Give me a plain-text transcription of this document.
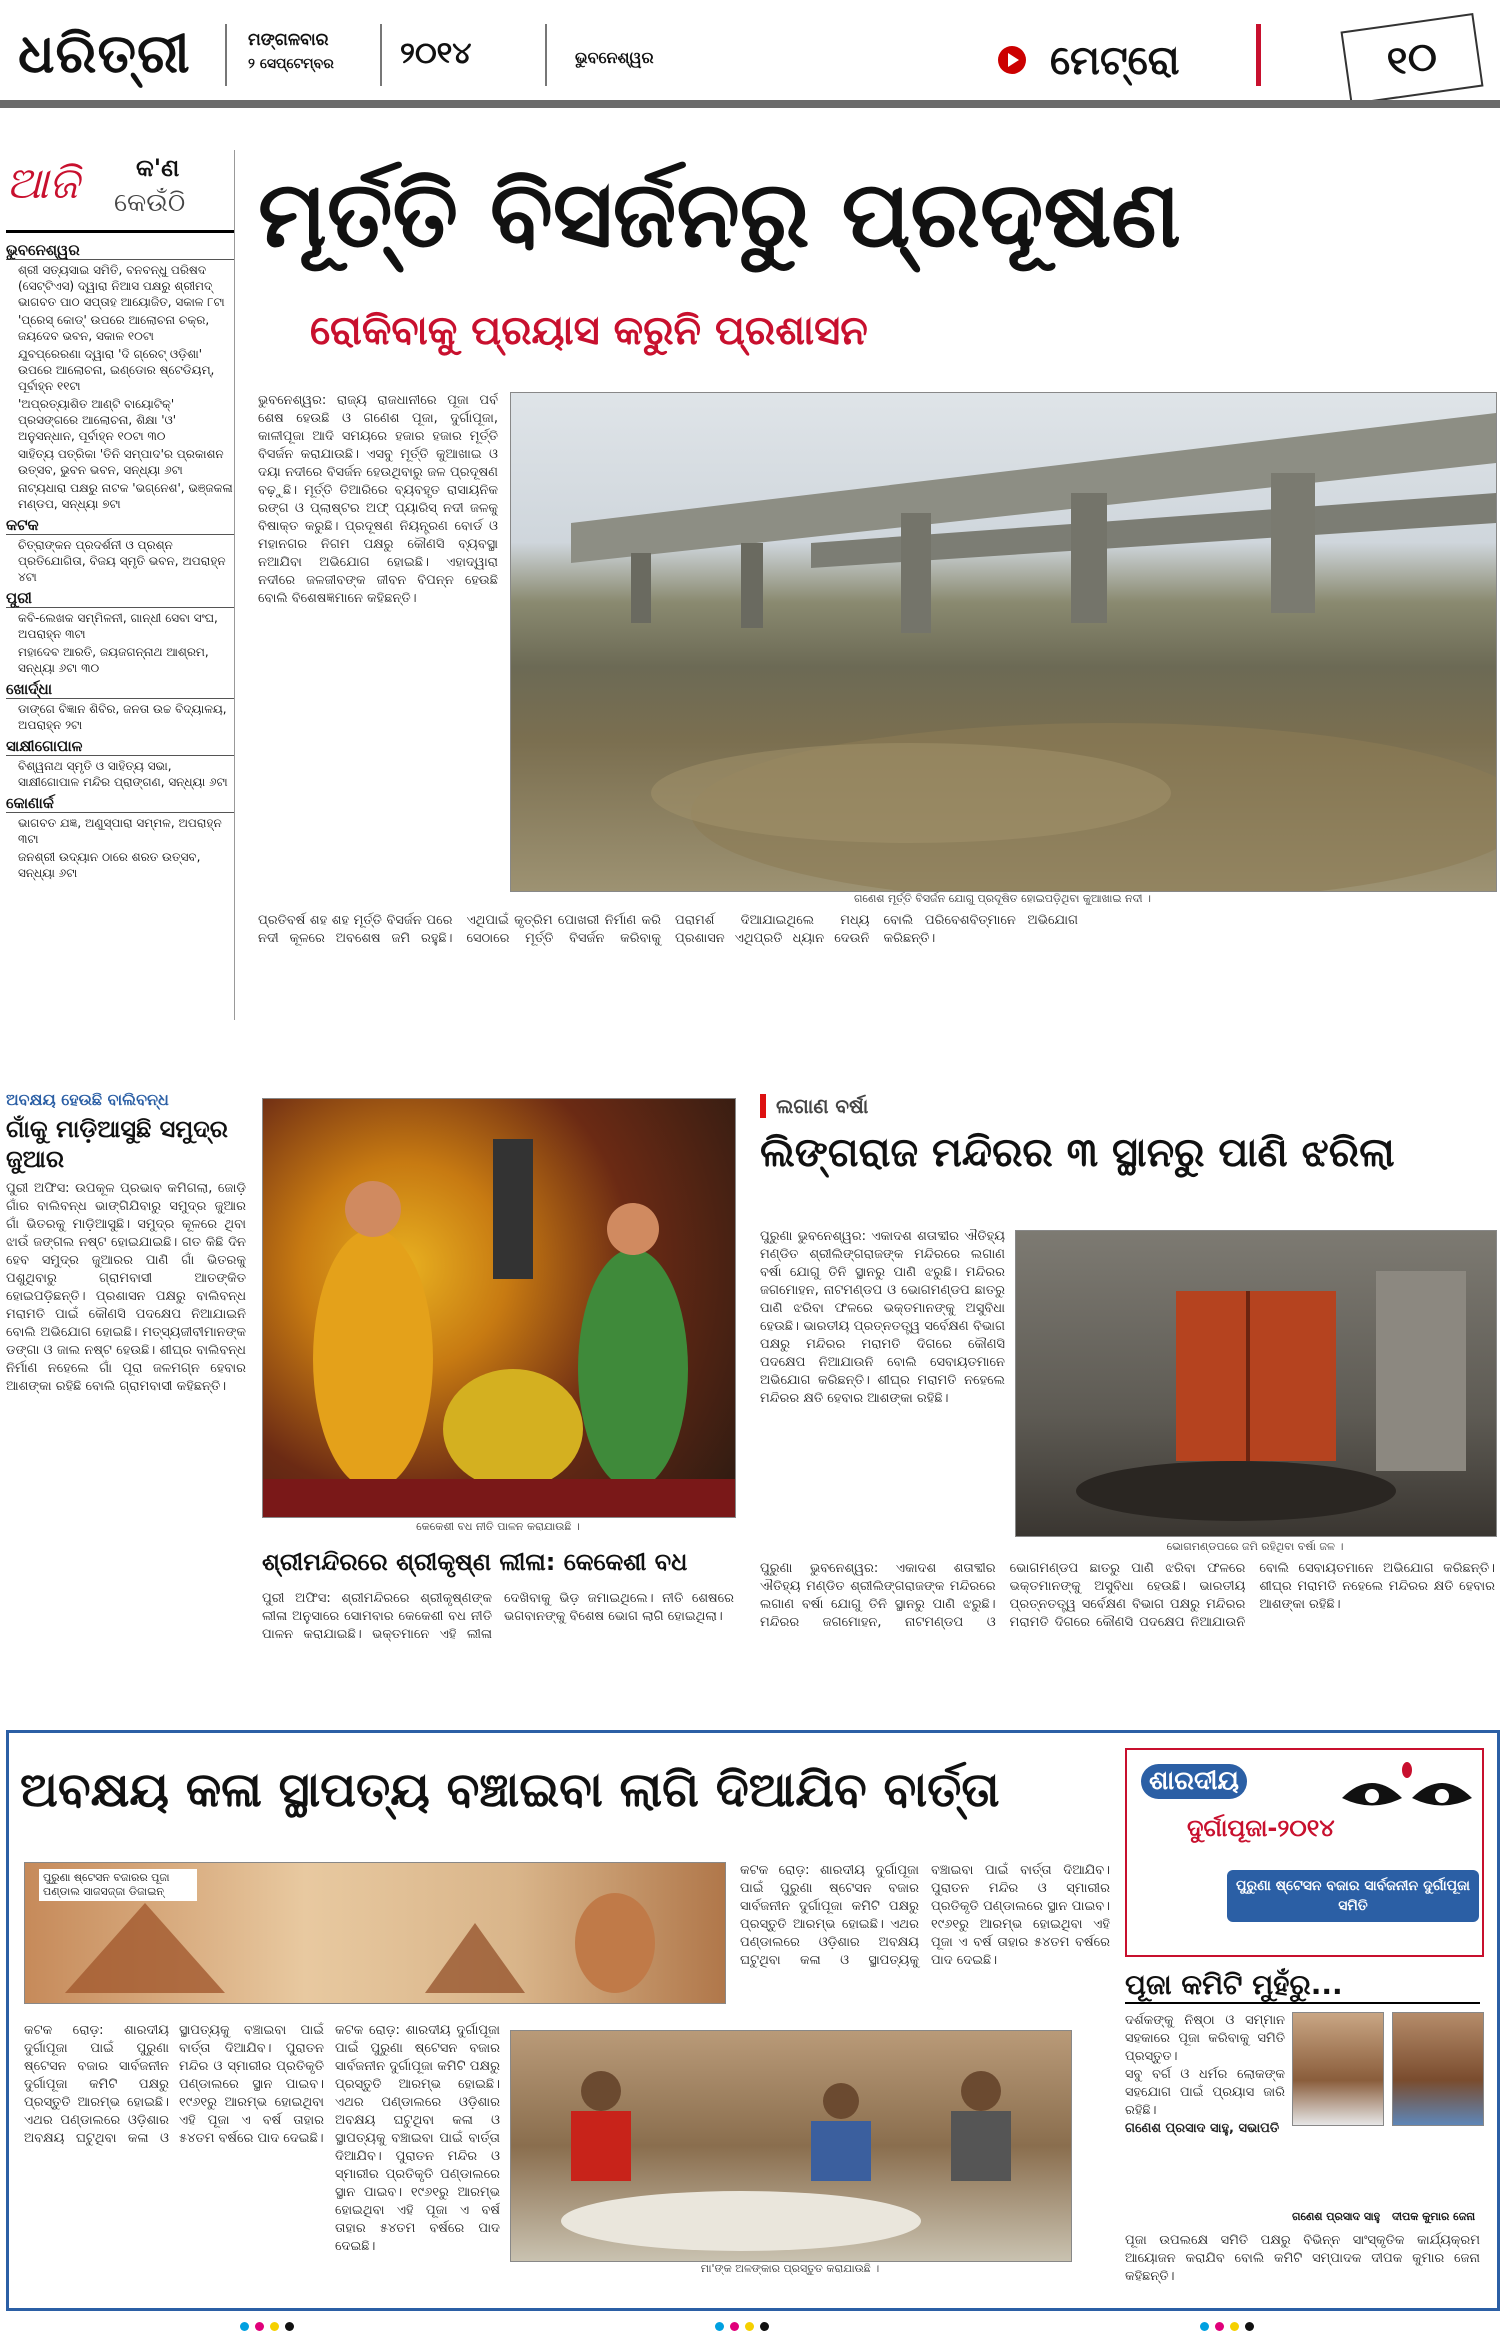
ଧରିତ୍ରୀ	ମଙ୍ଗଳବାର
୨ ସେପ୍ଟେମ୍ବର ୨୦୧୪	ଭୁବନେଶ୍ୱର	ମେଟ୍ରୋ	୧୦
ଆଜି କ'ଣ
କେଉଁଠି
ଭୁବନେଶ୍ୱର
ଶ୍ରୀ ସତ୍ୟସାଇ ସମିତି, ବନବନ୍ଧୁ ପରିଷଦ (ସେଟ୍ଟିଏସ) ଦ୍ୱାରା ନିଆସ ପକ୍ଷରୁ ଶ୍ରୀମଦ୍ ଭାଗବତ ପାଠ ସପ୍ତାହ ଆୟୋଜିତ, ସକାଳ ୮ଟା
'ପ୍ରେସ୍ କୋଡ୍' ଉପରେ ଆଲୋଚନା ଚକ୍ର, ଜୟଦେବ ଭବନ, ସକାଳ ୧୦ଟା
ଯୁବପ୍ରେରଣା ଦ୍ୱାରା 'ଦି ଗ୍ରେଟ୍ ଓଡ଼ିଶା' ଉପରେ ଆଲୋଚନା, ଇଣ୍ଡୋର ଷ୍ଟେଡିୟମ୍, ପୂର୍ବାହ୍ନ ୧୧ଟା
'ଅପ୍ରତ୍ୟାଶିତ ଆଣ୍ଟି ବାୟୋଟିକ୍' ପ୍ରସଙ୍ଗରେ ଆଲୋଚନା, ଶିକ୍ଷା 'ଓ' ଅନୁସନ୍ଧାନ, ପୂର୍ବାହ୍ନ ୧୦ଟା ୩୦
ସାହିତ୍ୟ ପତ୍ରିକା 'ତିନି ସମ୍ପାଦ'ର ପ୍ରକାଶନ ଉତ୍ସବ, ଭୁବନ ଭବନ, ସନ୍ଧ୍ୟା ୬ଟା
ନାଟ୍ୟଧାରା ପକ୍ଷରୁ ନାଟକ 'ଭଗ୍ନେଶ', ଭଞ୍ଜକଳା ମଣ୍ଡପ, ସନ୍ଧ୍ୟା ୭ଟା
କଟକ
ଚିତ୍ରାଙ୍କନ ପ୍ରଦର୍ଶନୀ ଓ ପ୍ରଶ୍ନ ପ୍ରତିଯୋଗିତା, ବିଜୟ ସ୍ମୃତି ଭବନ, ଅପରାହ୍ନ ୪ଟା
ପୁରୀ
କବି-ଲେଖକ ସମ୍ମିଳନୀ, ଗାନ୍ଧୀ ସେବା ସଂଘ, ଅପରାହ୍ନ ୩ଟା
ମହାଦେବ ଆରତି, ଜୟଜଗନ୍ନାଥ ଆଶ୍ରମ, ସନ୍ଧ୍ୟା ୬ଟା ୩୦
ଖୋର୍ଦ୍ଧା
ଡାଙ୍ଗେ ବିଜ୍ଞାନ ଶିବିର, ଜନତା ଉଚ୍ଚ ବିଦ୍ୟାଳୟ, ଅପରାହ୍ନ ୨ଟା
ସାକ୍ଷୀଗୋପାଳ
ବିଶ୍ୱନାଥ ସ୍ମୃତି ଓ ସାହିତ୍ୟ ସଭା, ସାକ୍ଷୀଗୋପାଳ ମନ୍ଦିର ପ୍ରାଙ୍ଗଣ, ସନ୍ଧ୍ୟା ୬ଟା
କୋଣାର୍କ
ଭାଗବତ ଯଜ୍ଞ, ଅଣୁସ୍ପାରା ସମ୍ମଳ, ଅପରାହ୍ନ ୩ଟା
ଜନଶ୍ରୀ ଉଦ୍ୟାନ ଠାରେ ଶରତ ଉତ୍ସବ, ସନ୍ଧ୍ୟା ୬ଟା
ମୂର୍ତ୍ତି ବିସର୍ଜନରୁ ପ୍ରଦୂଷଣ
ରୋକିବାକୁ ପ୍ରୟାସ କରୁନି ପ୍ରଶାସନ
ଭୁବନେଶ୍ୱର: ରାଜ୍ୟ ରାଜଧାନୀରେ ପୂଜା ପର୍ବ ଶେଷ ହେଉଛି ଓ ଗଣେଶ ପୂଜା, ଦୁର୍ଗାପୂଜା, କାଳୀପୂଜା ଆଦି ସମୟରେ ହଜାର ହଜାର ମୂର୍ତ୍ତି ବିସର୍ଜନ କରାଯାଉଛି। ଏସବୁ ମୂର୍ତ୍ତି କୁଆଖାଇ ଓ ଦୟା ନଦୀରେ ବିସର୍ଜନ ହେଉଥିବାରୁ ଜଳ ପ୍ରଦୂଷଣ ବଢ଼ୁଛି। ମୂର୍ତ୍ତି ତିଆରିରେ ବ୍ୟବହୃତ ରାସାୟନିକ ରଙ୍ଗ ଓ ପ୍ଲାଷ୍ଟର ଅଫ୍ ପ୍ୟାରିସ୍ ନଦୀ ଜଳକୁ ବିଷାକ୍ତ କରୁଛି। ପ୍ରଦୂଷଣ ନିୟନ୍ତ୍ରଣ ବୋର୍ଡ ଓ ମହାନଗର ନିଗମ ପକ୍ଷରୁ କୌଣସି ବ୍ୟବସ୍ଥା ନଆଯିବା ଅଭିଯୋଗ ହୋଇଛି। ଏହାଦ୍ୱାରା ନଦୀରେ ଜଳଜୀବଙ୍କ ଜୀବନ ବିପନ୍ନ ହେଉଛି ବୋଲି ବିଶେଷଜ୍ଞମାନେ କହିଛନ୍ତି।
ଗଣେଶ ମୂର୍ତ୍ତି ବିସର୍ଜନ ଯୋଗୁ ପ୍ରଦୂଷିତ ହୋଇପଡ଼ିଥିବା କୁଆଖାଇ ନଦୀ ।
ପ୍ରତିବର୍ଷ ଶହ ଶହ ମୂର୍ତ୍ତି ବିସର୍ଜନ ପରେ ନଦୀ କୂଳରେ ଅବଶେଷ ଜମି ରହୁଛି। ଏଥିପାଇଁ କୃତ୍ରିମ ପୋଖରୀ ନିର୍ମାଣ କରି ସେଠାରେ ମୂର୍ତ୍ତି ବିସର୍ଜନ କରିବାକୁ ପରାମର୍ଶ ଦିଆଯାଇଥିଲେ ମଧ୍ୟ ପ୍ରଶାସନ ଏଥିପ୍ରତି ଧ୍ୟାନ ଦେଉନି ବୋଲି ପରିବେଶବିତ୍‌ମାନେ ଅଭିଯୋଗ କରିଛନ୍ତି।
ଅବକ୍ଷୟ ହେଉଛି ବାଲିବନ୍ଧ
ଗାଁକୁ ମାଡ଼ିଆସୁଛି ସମୁଦ୍ର ଜୁଆର
ପୁରୀ ଅଫିସ: ଉପକୂଳ ପ୍ରଭାବ କମିଗଲା, ଜୋଡ଼ି ଗାଁର ବାଲିବନ୍ଧ ଭାଙ୍ଗିଯିବାରୁ ସମୁଦ୍ର ଜୁଆର ଗାଁ ଭିତରକୁ ମାଡ଼ିଆସୁଛି। ସମୁଦ୍ର କୂଳରେ ଥିବା ଝାଉଁ ଜଙ୍ଗଲ ନଷ୍ଟ ହୋଇଯାଇଛି। ଗତ କିଛି ଦିନ ହେବ ସମୁଦ୍ର ଜୁଆରର ପାଣି ଗାଁ ଭିତରକୁ ପଶୁଥିବାରୁ ଗ୍ରାମବାସୀ ଆତଙ୍କିତ ହୋଇପଡ଼ିଛନ୍ତି। ପ୍ରଶାସନ ପକ୍ଷରୁ ବାଲିବନ୍ଧ ମରାମତି ପାଇଁ କୌଣସି ପଦକ୍ଷେପ ନିଆଯାଇନି ବୋଲି ଅଭିଯୋଗ ହୋଇଛି। ମତ୍ସ୍ୟଜୀବୀମାନଙ୍କ ଡଙ୍ଗା ଓ ଜାଲ ନଷ୍ଟ ହେଉଛି। ଶୀଘ୍ର ବାଲିବନ୍ଧ ନିର୍ମାଣ ନହେଲେ ଗାଁ ପୂରା ଜଳମଗ୍ନ ହେବାର ଆଶଙ୍କା ରହିଛି ବୋଲି ଗ୍ରାମବାସୀ କହିଛନ୍ତି।
କେକେଶୀ ବଧ ନୀତି ପାଳନ କରାଯାଉଛି ।
ଶ୍ରୀମନ୍ଦିରରେ ଶ୍ରୀକୃଷ୍ଣ ଲୀଳା: କେକେଶୀ ବଧ
ପୁରୀ ଅଫିସ: ଶ୍ରୀମନ୍ଦିରରେ ଶ୍ରୀକୃଷ୍ଣଙ୍କ ଲୀଳା ଅନୁସାରେ ସୋମବାର କେକେଶୀ ବଧ ନୀତି ପାଳନ କରାଯାଇଛି। ଭକ୍ତମାନେ ଏହି ଲୀଳା ଦେଖିବାକୁ ଭିଡ଼ ଜମାଇଥିଲେ। ନୀତି ଶେଷରେ ଭଗବାନଙ୍କୁ ବିଶେଷ ଭୋଗ ଲାଗି ହୋଇଥିଲା।
ଲଗାଣ ବର୍ଷା
ଲିଙ୍ଗରାଜ ମନ୍ଦିରର ୩ ସ୍ଥାନରୁ ପାଣି ଝରିଲା
ପୁରୁଣା ଭୁବନେଶ୍ୱର: ଏକାଦଶ ଶତାବ୍ଦୀର ଐତିହ୍ୟ ମଣ୍ଡିତ ଶ୍ରୀଲିଙ୍ଗରାଜଙ୍କ ମନ୍ଦିରରେ ଲଗାଣ ବର୍ଷା ଯୋଗୁ ତିନି ସ୍ଥାନରୁ ପାଣି ଝରୁଛି। ମନ୍ଦିରର ଜଗମୋହନ, ନାଟମଣ୍ଡପ ଓ ଭୋଗମଣ୍ଡପ ଛାତରୁ ପାଣି ଝରିବା ଫଳରେ ଭକ୍ତମାନଙ୍କୁ ଅସୁବିଧା ହେଉଛି। ଭାରତୀୟ ପ୍ରତ୍ନତତ୍ତ୍ୱ ସର୍ବେକ୍ଷଣ ବିଭାଗ ପକ୍ଷରୁ ମନ୍ଦିରର ମରାମତି ଦିଗରେ କୌଣସି ପଦକ୍ଷେପ ନିଆଯାଉନି ବୋଲି ସେବାୟତମାନେ ଅଭିଯୋଗ କରିଛନ୍ତି। ଶୀଘ୍ର ମରାମତି ନହେଲେ ମନ୍ଦିରର କ୍ଷତି ହେବାର ଆଶଙ୍କା ରହିଛି।
ଭୋଗମଣ୍ଡପରେ ଜମି ରହିଥିବା ବର୍ଷା ଜଳ ।
ପୁରୁଣା ଭୁବନେଶ୍ୱର: ଏକାଦଶ ଶତାବ୍ଦୀର ଐତିହ୍ୟ ମଣ୍ଡିତ ଶ୍ରୀଲିଙ୍ଗରାଜଙ୍କ ମନ୍ଦିରରେ ଲଗାଣ ବର୍ଷା ଯୋଗୁ ତିନି ସ୍ଥାନରୁ ପାଣି ଝରୁଛି। ମନ୍ଦିରର ଜଗମୋହନ, ନାଟମଣ୍ଡପ ଓ ଭୋଗମଣ୍ଡପ ଛାତରୁ ପାଣି ଝରିବା ଫଳରେ ଭକ୍ତମାନଙ୍କୁ ଅସୁବିଧା ହେଉଛି। ଭାରତୀୟ ପ୍ରତ୍ନତତ୍ତ୍ୱ ସର୍ବେକ୍ଷଣ ବିଭାଗ ପକ୍ଷରୁ ମନ୍ଦିରର ମରାମତି ଦିଗରେ କୌଣସି ପଦକ୍ଷେପ ନିଆଯାଉନି ବୋଲି ସେବାୟତମାନେ ଅଭିଯୋଗ କରିଛନ୍ତି। ଶୀଘ୍ର ମରାମତି ନହେଲେ ମନ୍ଦିରର କ୍ଷତି ହେବାର ଆଶଙ୍କା ରହିଛି।
ଅବକ୍ଷୟ କଳା ସ୍ଥାପତ୍ୟ ବଞ୍ଚାଇବା ଲାଗି ଦିଆଯିବ ବାର୍ତ୍ତା
ପୁରୁଣା ଷ୍ଟେସନ ବଜାରର ପୂଜା ପଣ୍ଡାଲ ସାଜସଜ୍ଜା ଡିଜାଇନ୍
କଟକ ରୋଡ଼: ଶାରଦୀୟ ଦୁର୍ଗାପୂଜା ପାଇଁ ପୁରୁଣା ଷ୍ଟେସନ ବଜାର ସାର୍ବଜନୀନ ଦୁର୍ଗାପୂଜା କମିଟି ପକ୍ଷରୁ ପ୍ରସ୍ତୁତି ଆରମ୍ଭ ହୋଇଛି। ଏଥର ପଣ୍ଡାଲରେ ଓଡ଼ିଶାର ଅବକ୍ଷୟ ଘଟୁଥିବା କଳା ଓ ସ୍ଥାପତ୍ୟକୁ ବଞ୍ଚାଇବା ପାଇଁ ବାର୍ତ୍ତା ଦିଆଯିବ। ପୁରାତନ ମନ୍ଦିର ଓ ସ୍ମାରୀର ପ୍ରତିକୃତି ପଣ୍ଡାଲରେ ସ୍ଥାନ ପାଇବ। ୧୯୬୧ରୁ ଆରମ୍ଭ ହୋଇଥିବା ଏହି ପୂଜା ଏ ବର୍ଷ ତାହାର ୫୪ତମ ବର୍ଷରେ ପାଦ ଦେଇଛି।
କଟକ ରୋଡ଼: ଶାରଦୀୟ ଦୁର୍ଗାପୂଜା ପାଇଁ ପୁରୁଣା ଷ୍ଟେସନ ବଜାର ସାର୍ବଜନୀନ ଦୁର୍ଗାପୂଜା କମିଟି ପକ୍ଷରୁ ପ୍ରସ୍ତୁତି ଆରମ୍ଭ ହୋଇଛି। ଏଥର ପଣ୍ଡାଲରେ ଓଡ଼ିଶାର ଅବକ୍ଷୟ ଘଟୁଥିବା କଳା ଓ ସ୍ଥାପତ୍ୟକୁ ବଞ୍ଚାଇବା ପାଇଁ ବାର୍ତ୍ତା ଦିଆଯିବ। ପୁରାତନ ମନ୍ଦିର ଓ ସ୍ମାରୀର ପ୍ରତିକୃତି ପଣ୍ଡାଲରେ ସ୍ଥାନ ପାଇବ। ୧୯୬୧ରୁ ଆରମ୍ଭ ହୋଇଥିବା ଏହି ପୂଜା ଏ ବର୍ଷ ତାହାର ୫୪ତମ ବର୍ଷରେ ପାଦ ଦେଇଛି।
ମା'ଙ୍କ ଅଳଙ୍କାର ପ୍ରସ୍ତୁତ କରାଯାଉଛି ।
କଟକ ରୋଡ଼: ଶାରଦୀୟ ଦୁର୍ଗାପୂଜା ପାଇଁ ପୁରୁଣା ଷ୍ଟେସନ ବଜାର ସାର୍ବଜନୀନ ଦୁର୍ଗାପୂଜା କମିଟି ପକ୍ଷରୁ ପ୍ରସ୍ତୁତି ଆରମ୍ଭ ହୋଇଛି। ଏଥର ପଣ୍ଡାଲରେ ଓଡ଼ିଶାର ଅବକ୍ଷୟ ଘଟୁଥିବା କଳା ଓ ସ୍ଥାପତ୍ୟକୁ ବଞ୍ଚାଇବା ପାଇଁ ବାର୍ତ୍ତା ଦିଆଯିବ। ପୁରାତନ ମନ୍ଦିର ଓ ସ୍ମାରୀର ପ୍ରତିକୃତି ପଣ୍ଡାଲରେ ସ୍ଥାନ ପାଇବ। ୧୯୬୧ରୁ ଆରମ୍ଭ ହୋଇଥିବା ଏହି ପୂଜା ଏ ବର୍ଷ ତାହାର ୫୪ତମ ବର୍ଷରେ ପାଦ ଦେଇଛି।
ଶାରଦୀୟ
ଦୁର୍ଗାପୂଜା-୨୦୧୪
ପୁରୁଣା ଷ୍ଟେସନ ବଜାର ସାର୍ବଜନୀନ ଦୁର୍ଗାପୂଜା ସମିତି
ପୂଜା କମିଟି ମୁହଁରୁ...
ଦର୍ଶକଙ୍କୁ ନିଷ୍ଠା ଓ ସମ୍ମାନ ସହକାରେ ପୂଜା କରିବାକୁ ସମିତି ପ୍ରସ୍ତୁତ।
ସବୁ ବର୍ଗ ଓ ଧର୍ମର ଲୋକଙ୍କ ସହଯୋଗ ପାଇଁ ପ୍ରୟାସ ଜାରି ରହିଛି।
ଗଣେଶ ପ୍ରସାଦ ସାହୁ, ସଭାପତି
ଗଣେଶ ପ୍ରସାଦ ସାହୁ	ଦୀପକ କୁମାର ଜେନା
ପୂଜା ଉପଲକ୍ଷେ ସମିତି ପକ୍ଷରୁ ବିଭିନ୍ନ ସାଂସ୍କୃତିକ କାର୍ଯ୍ୟକ୍ରମ ଆୟୋଜନ କରାଯିବ ବୋଲି କମିଟି ସମ୍ପାଦକ ଦୀପକ କୁମାର ଜେନା କହିଛନ୍ତି।
